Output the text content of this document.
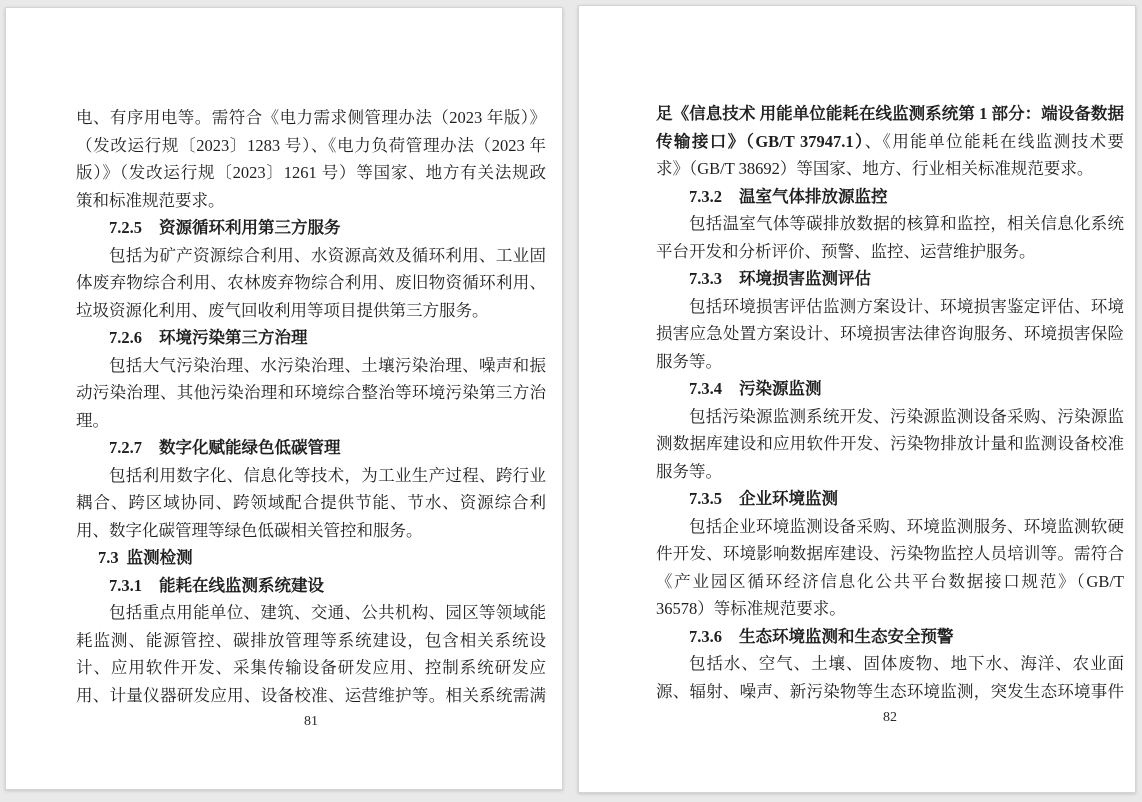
电、有序用电等。需符合《电力需求侧管理办法（2023 年版）》
（发改运行规〔2023〕1283 号）、《电力负荷管理办法（2023 年
版）》（发改运行规〔2023〕1261 号）等国家、地方有关法规政
策和标准规范要求。
7.2.5 资源循环利用第三方服务
包括为矿产资源综合利用、水资源高效及循环利用、工业固
体废弃物综合利用、农林废弃物综合利用、废旧物资循环利用、
垃圾资源化利用、废气回收利用等项目提供第三方服务。
7.2.6 环境污染第三方治理
包括大气污染治理、水污染治理、土壤污染治理、噪声和振
动污染治理、其他污染治理和环境综合整治等环境污染第三方治
理。
7.2.7 数字化赋能绿色低碳管理
包括利用数字化、信息化等技术，为工业生产过程、跨行业
耦合、跨区域协同、跨领域配合提供节能、节水、资源综合利
用、数字化碳管理等绿色低碳相关管控和服务。
7.3 监测检测
7.3.1 能耗在线监测系统建设
包括重点用能单位、建筑、交通、公共机构、园区等领域能
耗监测、能源管控、碳排放管理等系统建设，包含相关系统设
计、应用软件开发、采集传输设备研发应用、控制系统研发应
用、计量仪器研发应用、设备校准、运营维护等。相关系统需满
81
足《信息技术 用能单位能耗在线监测系统第 1 部分：端设备数据
传输接口》（GB/T 37947.1）、《用能单位能耗在线监测技术要
求》（GB/T 38692）等国家、地方、行业相关标准规范要求。
7.3.2 温室气体排放源监控
包括温室气体等碳排放数据的核算和监控，相关信息化系统
平台开发和分析评价、预警、监控、运营维护服务。
7.3.3 环境损害监测评估
包括环境损害评估监测方案设计、环境损害鉴定评估、环境
损害应急处置方案设计、环境损害法律咨询服务、环境损害保险
服务等。
7.3.4 污染源监测
包括污染源监测系统开发、污染源监测设备采购、污染源监
测数据库建设和应用软件开发、污染物排放计量和监测设备校准
服务等。
7.3.5 企业环境监测
包括企业环境监测设备采购、环境监测服务、环境监测软硬
件开发、环境影响数据库建设、污染物监控人员培训等。需符合
《产业园区循环经济信息化公共平台数据接口规范》（GB/T
36578）等标准规范要求。
7.3.6 生态环境监测和生态安全预警
包括水、空气、土壤、固体废物、地下水、海洋、农业面
源、辐射、噪声、新污染物等生态环境监测，突发生态环境事件
82
